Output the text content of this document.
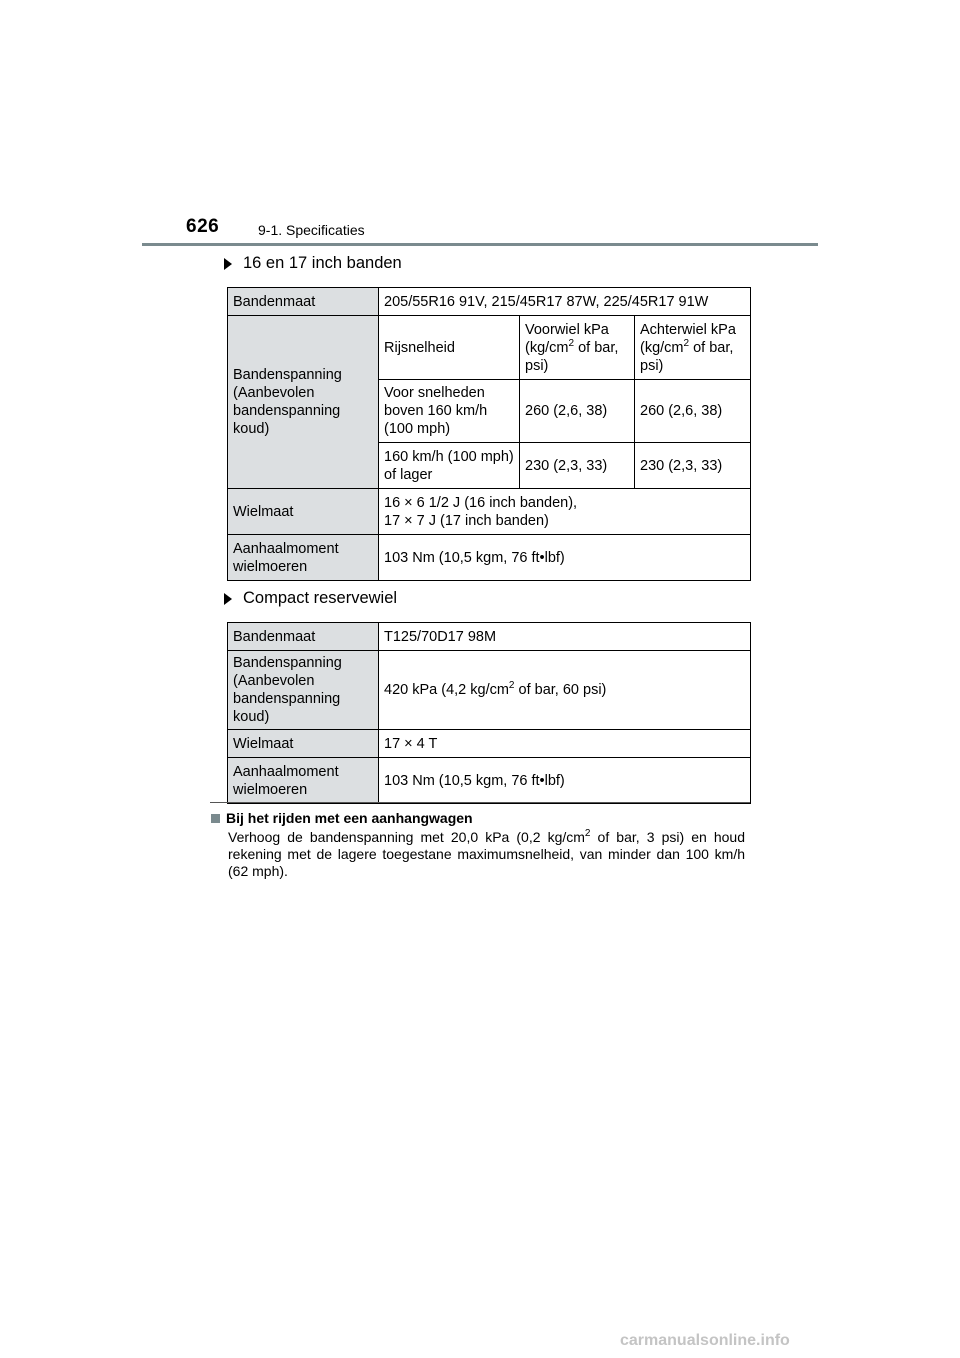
626	9-1. Specificaties
16 en 17 inch banden
Bandenmaat	205/55R16 91V, 215/45R17 87W, 225/45R17 91W		
Bandenspanning (Aanbevolen bandenspanning koud)	Rijsnelheid	Voorwiel kPa ($kg/cm^2$ of bar, psi)	Achterwiel kPa ($kg/cm^2$ of bar, psi)
	Voor snelheden boven 160 km/h (100 mph)	260 (2,6, 38)	260 (2,6, 38)
	160 km/h (100 mph) of lager	230 (2,3, 33)	230 (2,3, 33)
Wielmaat	16 × 6 1/2 J (16 inch banden),
17 × 7 J (17 inch banden)		

Aanhaalmoment wielmoeren	103 Nm (10,5 kgm, 76 ft•lbf)		
Compact reservewiel
Bandenmaat	T125/70D17 98M
Bandenspanning (Aanbevolen bandenspanning koud)	420 kPa (4,2 $kg/cm^2$ of bar, 60 psi)
Wielmaat	17 × 4 T
Aanhaalmoment wielmoeren	103 Nm (10,5 kgm, 76 ft•lbf)
Bij het rijden met een aanhangwagen
Verhoog de bandenspanning met 20,0 kPa (0,2 $kg/cm^2$ of bar, 3 psi) en houd rekening met de lagere toegestane maximumsnelheid, van minder dan 100 km/h (62 mph).
carmanualsonline.info
